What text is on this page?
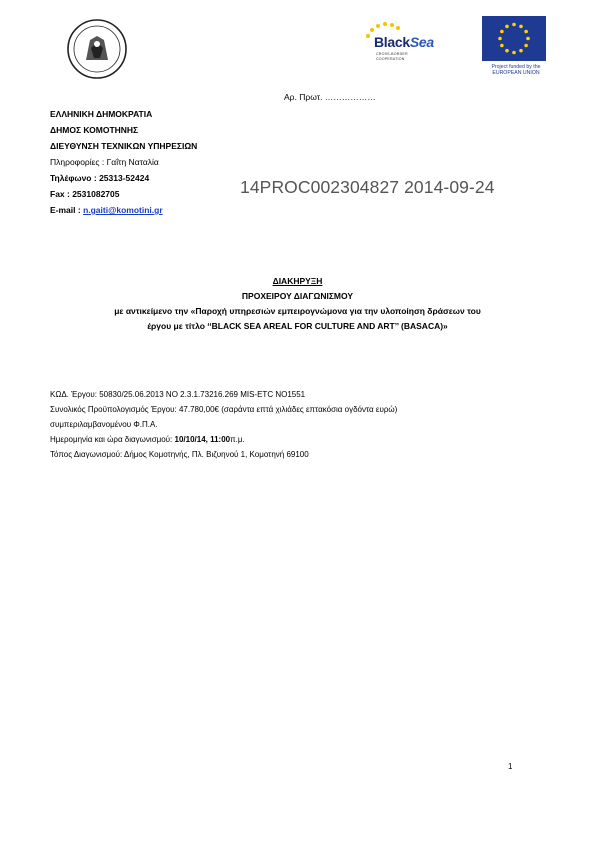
BlackSea
CROSS-BORDER
COOPERATION
Project funded by the
EUROPEAN UNION
Αρ. Πρωτ. ………………
ΕΛΛΗΝΙΚΗ ΔΗΜΟΚΡΑΤΙΑ
ΔΗΜΟΣ ΚΟΜΟΤΗΝΗΣ
ΔΙΕΥΘΥΝΣΗ ΤΕΧΝΙΚΩΝ ΥΠΗΡΕΣΙΩΝ
Πληροφορίες : Γαΐτη Ναταλία
Τηλέφωνο : 25313-52424
Fax : 2531082705
E-mail : n.gaiti@komotini.gr
14PROC002304827 2014-09-24
ΔΙΑΚΗΡΥΞΗ
ΠΡΟΧΕΙΡΟΥ ΔΙΑΓΩΝΙΣΜΟΥ
με αντικείμενο την «Παροχή υπηρεσιών εμπειρογνώμονα για την υλοποίηση δράσεων του
έργου με τίτλο ‘‘BLACK SEA AREAL FOR CULTURE AND ART’’ (BASACA)»
ΚΩΔ. Έργου: 50830/25.06.2013 ΝΟ 2.3.1.73216.269 MIS-ETC NO1551
Συνολικός Προϋπολογισμός Έργου: 47.780,00€ (σαράντα επτά χιλιάδες επτακόσια ογδόντα ευρώ)
συμπεριλαμβανομένου Φ.Π.Α.
Ημερομηνία και ώρα διαγωνισμού: 10/10/14, 11:00π.μ.
Τόπος Διαγωνισμού: Δήμος Κομοτηνής, Πλ. Βιζυηνού 1, Κομοτηνή 69100
1
